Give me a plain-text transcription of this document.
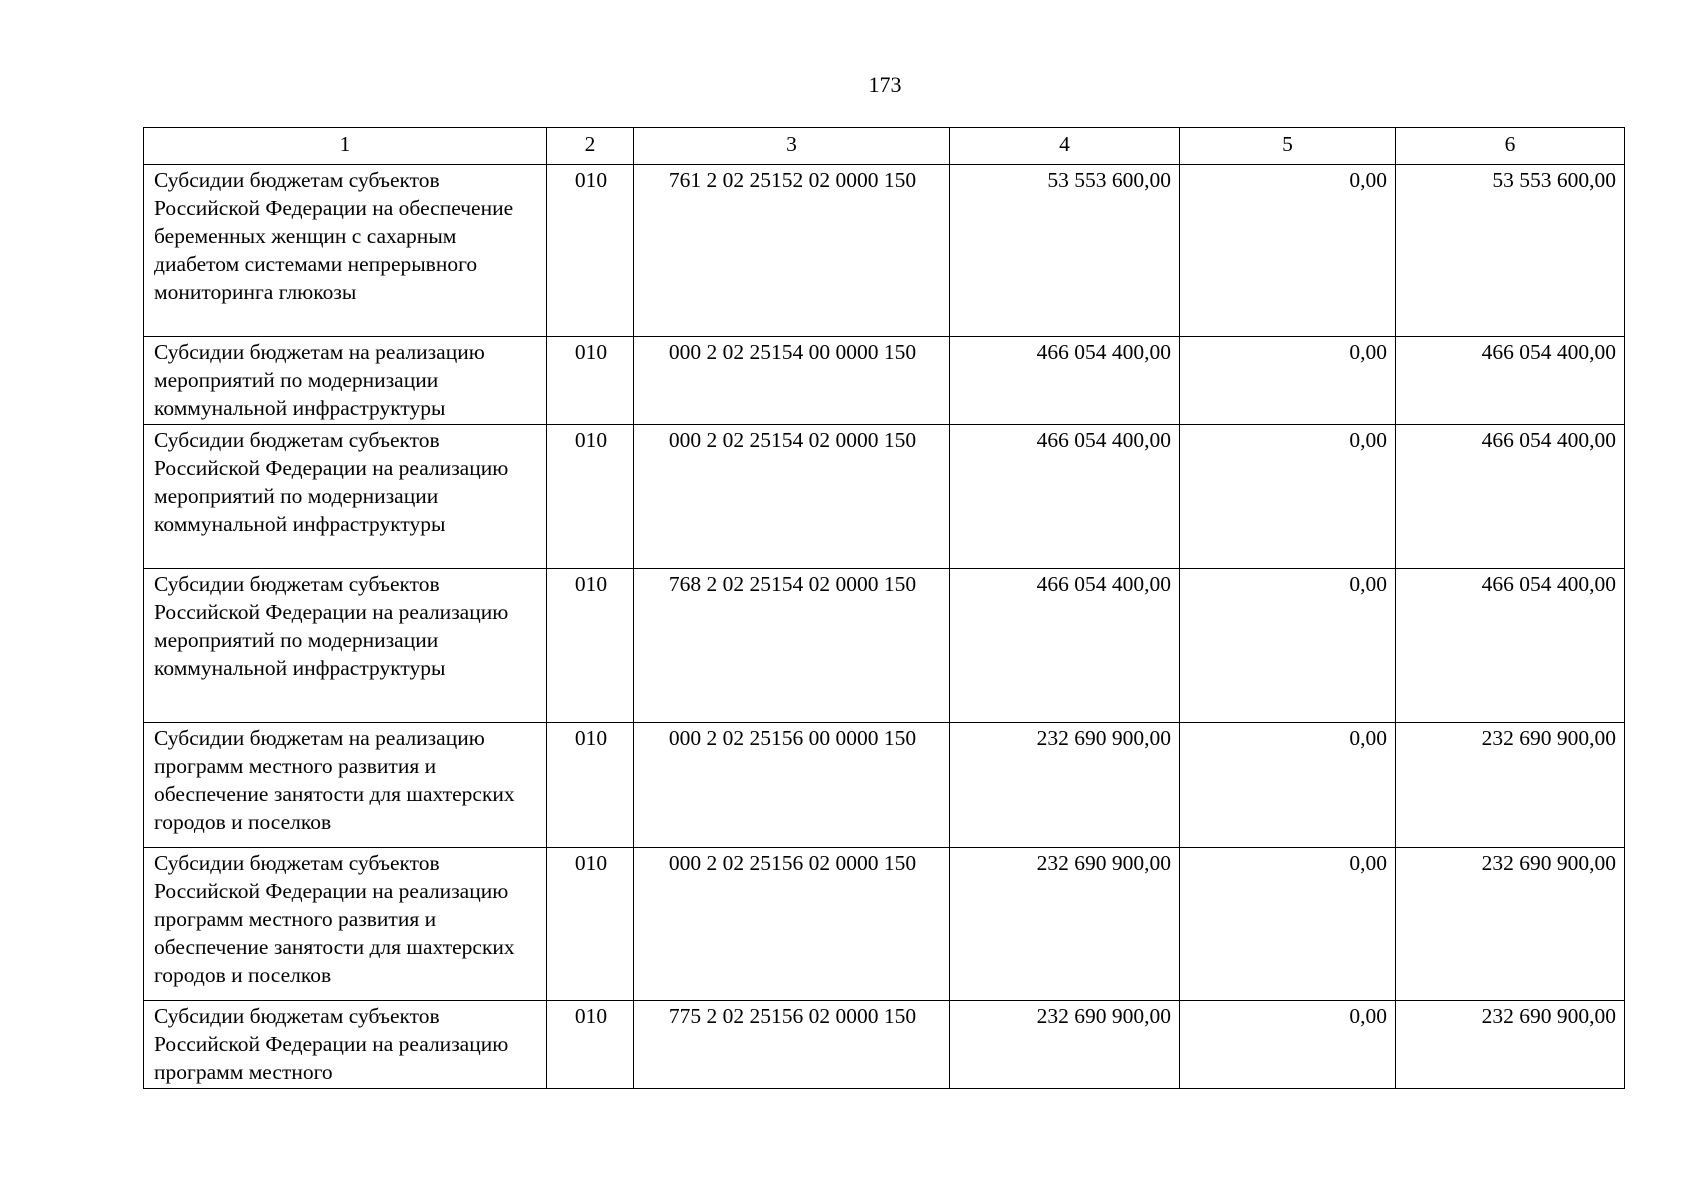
173
1	2	3	4	5	6
Субсидии бюджетам субъектов Российской Федерации на обеспечение беременных женщин с сахарным диабетом системами непрерывного мониторинга глюкозы	010	761 2 02 25152 02 0000 150	53 553 600,00	0,00	53 553 600,00
Субсидии бюджетам на реализацию мероприятий по модернизации коммунальной инфраструктуры	010	000 2 02 25154 00 0000 150	466 054 400,00	0,00	466 054 400,00
Субсидии бюджетам субъектов Российской Федерации на реализацию мероприятий по модернизации коммунальной инфраструктуры	010	000 2 02 25154 02 0000 150	466 054 400,00	0,00	466 054 400,00
Субсидии бюджетам субъектов Российской Федерации на реализацию мероприятий по модернизации коммунальной инфраструктуры	010	768 2 02 25154 02 0000 150	466 054 400,00	0,00	466 054 400,00
Субсидии бюджетам на реализацию программ местного развития и обеспечение занятости для шахтерских городов и поселков	010	000 2 02 25156 00 0000 150	232 690 900,00	0,00	232 690 900,00
Субсидии бюджетам субъектов Российской Федерации на реализацию программ местного развития и обеспечение занятости для шахтерских городов и поселков	010	000 2 02 25156 02 0000 150	232 690 900,00	0,00	232 690 900,00
Субсидии бюджетам субъектов Российской Федерации на реализацию программ местного	010	775 2 02 25156 02 0000 150	232 690 900,00	0,00	232 690 900,00
